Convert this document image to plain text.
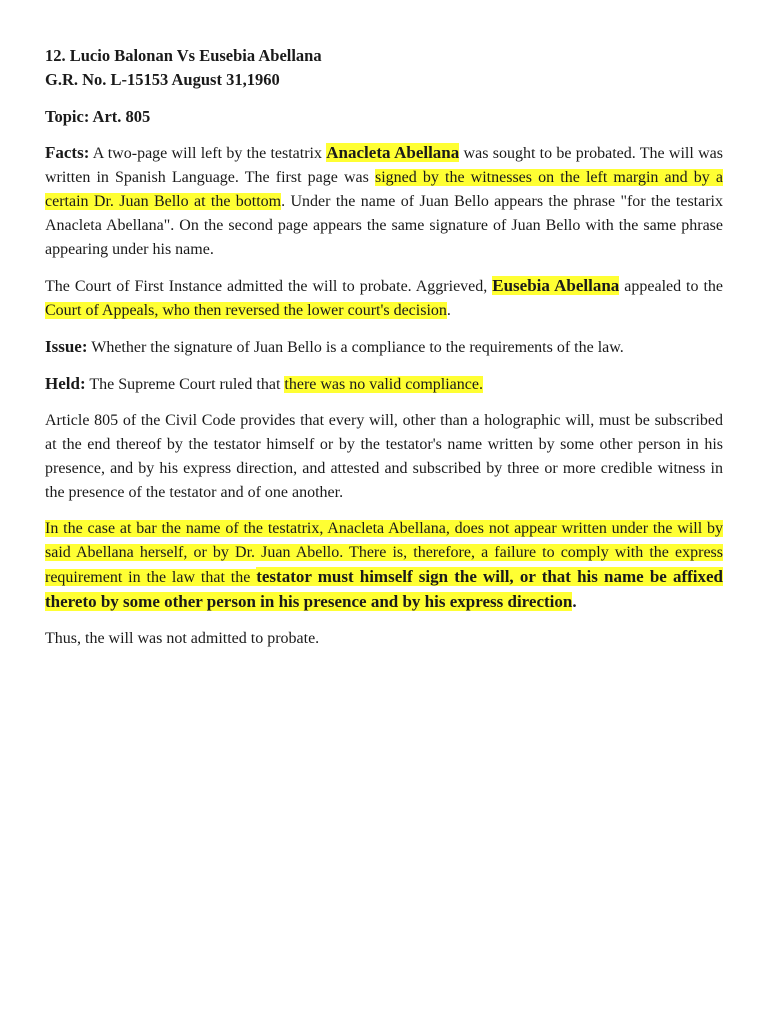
12. Lucio Balonan Vs Eusebia Abellana
G.R. No. L-15153 August 31,1960
Topic: Art. 805

Facts: A two-page will left by the testatrix Anacleta Abellana was sought to be probated. The will was written in Spanish Language. The first page was signed by the witnesses on the left margin and by a certain Dr. Juan Bello at the bottom. Under the name of Juan Bello appears the phrase "for the testarix Anacleta Abellana". On the second page appears the same signature of Juan Bello with the same phrase appearing under his name.

The Court of First Instance admitted the will to probate. Aggrieved, Eusebia Abellana appealed to the Court of Appeals, who then reversed the lower court's decision.

Issue: Whether the signature of Juan Bello is a compliance to the requirements of the law.

Held: The Supreme Court ruled that there was no valid compliance.

Article 805 of the Civil Code provides that every will, other than a holographic will, must be subscribed at the end thereof by the testator himself or by the testator's name written by some other person in his presence, and by his express direction, and attested and subscribed by three or more credible witness in the presence of the testator and of one another.

In the case at bar the name of the testatrix, Anacleta Abellana, does not appear written under the will by said Abellana herself, or by Dr. Juan Abello. There is, therefore, a failure to comply with the express requirement in the law that the testator must himself sign the will, or that his name be affixed thereto by some other person in his presence and by his express direction.

Thus, the will was not admitted to probate.
